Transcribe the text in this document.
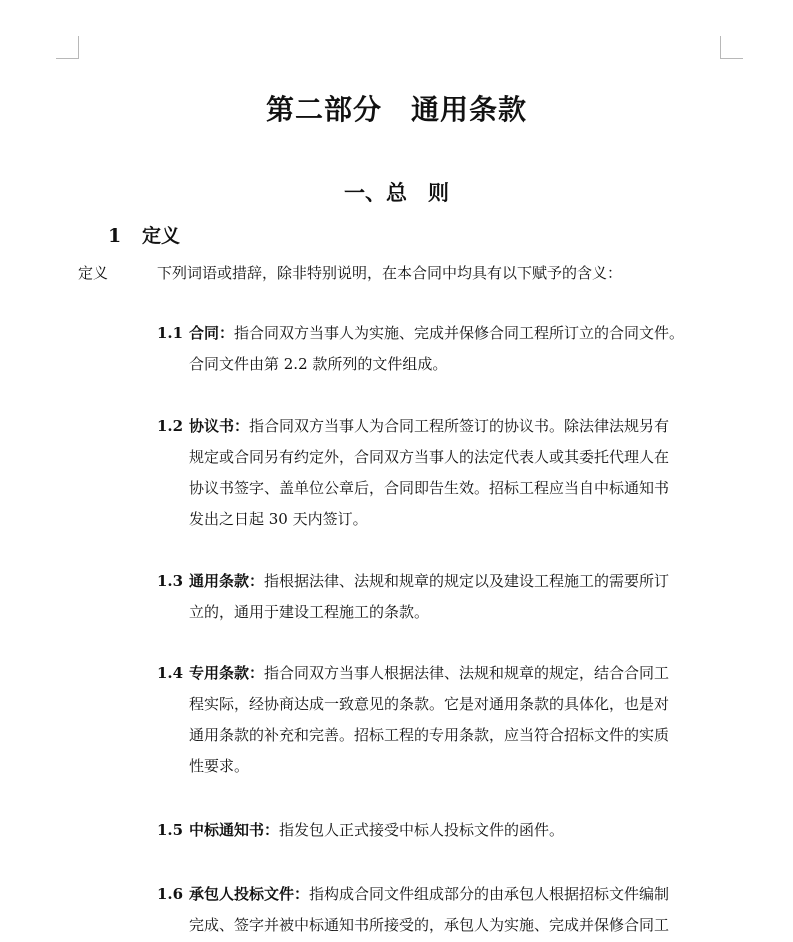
第二部分　通用条款
一、总　则
1 定义
定义	下列词语或措辞，除非特别说明，在本合同中均具有以下赋予的含义：
1.1 合同：指合同双方当事人为实施、完成并保修合同工程所订立的合同文件。
合同文件由第 2.2 款所列的文件组成。
1.2 协议书：指合同双方当事人为合同工程所签订的协议书。除法律法规另有
规定或合同另有约定外，合同双方当事人的法定代表人或其委托代理人在
协议书签字、盖单位公章后，合同即告生效。招标工程应当自中标通知书
发出之日起 30 天内签订。
1.3 通用条款：指根据法律、法规和规章的规定以及建设工程施工的需要所订
立的，通用于建设工程施工的条款。
1.4 专用条款：指合同双方当事人根据法律、法规和规章的规定，结合合同工
程实际，经协商达成一致意见的条款。它是对通用条款的具体化，也是对
通用条款的补充和完善。招标工程的专用条款，应当符合招标文件的实质
性要求。
1.5 中标通知书：指发包人正式接受中标人投标文件的函件。
1.6 承包人投标文件：指构成合同文件组成部分的由承包人根据招标文件编制
完成、签字并被中标通知书所接受的，承包人为实施、完成并保修合同工
